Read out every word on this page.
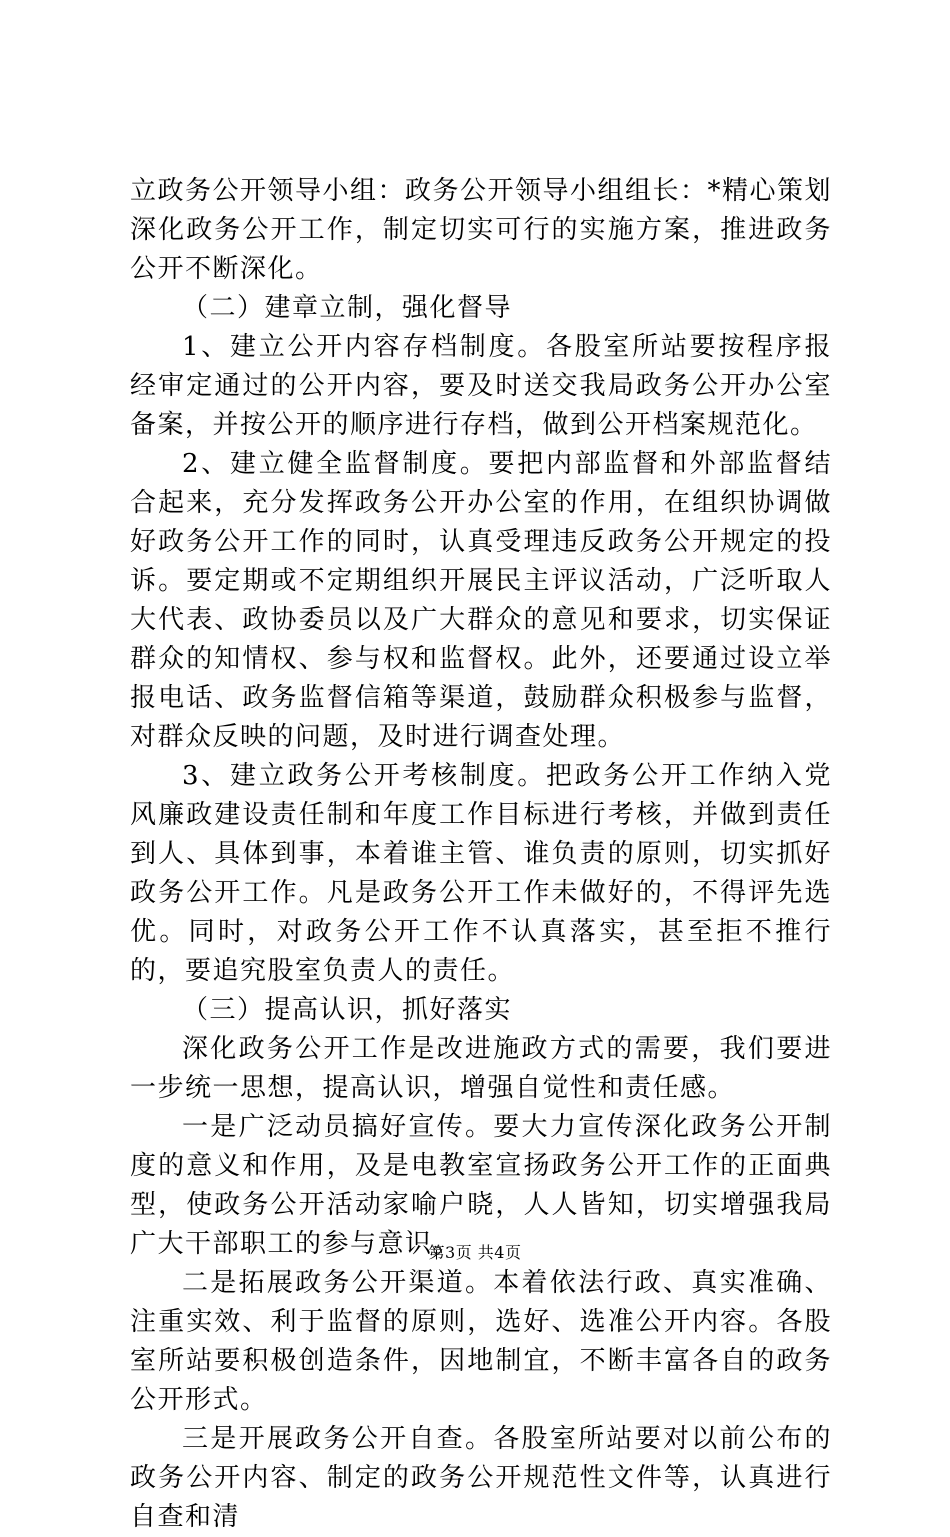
立政务公开领导小组：政务公开领导小组组长：*精心策划深化政务公开工作，制定切实可行的实施方案，推进政务公开不断深化。

（二）建章立制，强化督导

1、建立公开内容存档制度。各股室所站要按程序报经审定通过的公开内容，要及时送交我局政务公开办公室备案，并按公开的顺序进行存档，做到公开档案规范化。

2、建立健全监督制度。要把内部监督和外部监督结合起来，充分发挥政务公开办公室的作用，在组织协调做好政务公开工作的同时，认真受理违反政务公开规定的投诉。要定期或不定期组织开展民主评议活动，广泛听取人大代表、政协委员以及广大群众的意见和要求，切实保证群众的知情权、参与权和监督权。此外，还要通过设立举报电话、政务监督信箱等渠道，鼓励群众积极参与监督，对群众反映的问题，及时进行调查处理。

3、建立政务公开考核制度。把政务公开工作纳入党风廉政建设责任制和年度工作目标进行考核，并做到责任到人、具体到事，本着谁主管、谁负责的原则，切实抓好政务公开工作。凡是政务公开工作未做好的，不得评先选优。同时，对政务公开工作不认真落实，甚至拒不推行的，要追究股室负责人的责任。

（三）提高认识，抓好落实

深化政务公开工作是改进施政方式的需要，我们要进一步统一思想，提高认识，增强自觉性和责任感。

一是广泛动员搞好宣传。要大力宣传深化政务公开制度的意义和作用，及是电教室宣扬政务公开工作的正面典型，使政务公开活动家喻户晓，人人皆知，切实增强我局广大干部职工的参与意识。

二是拓展政务公开渠道。本着依法行政、真实准确、注重实效、利于监督的原则，选好、选准公开内容。各股室所站要积极创造条件，因地制宜，不断丰富各自的政务公开形式。

三是开展政务公开自查。各股室所站要对以前公布的政务公开内容、制定的政务公开规范性文件等，认真进行自查和清

第3页 共4页
